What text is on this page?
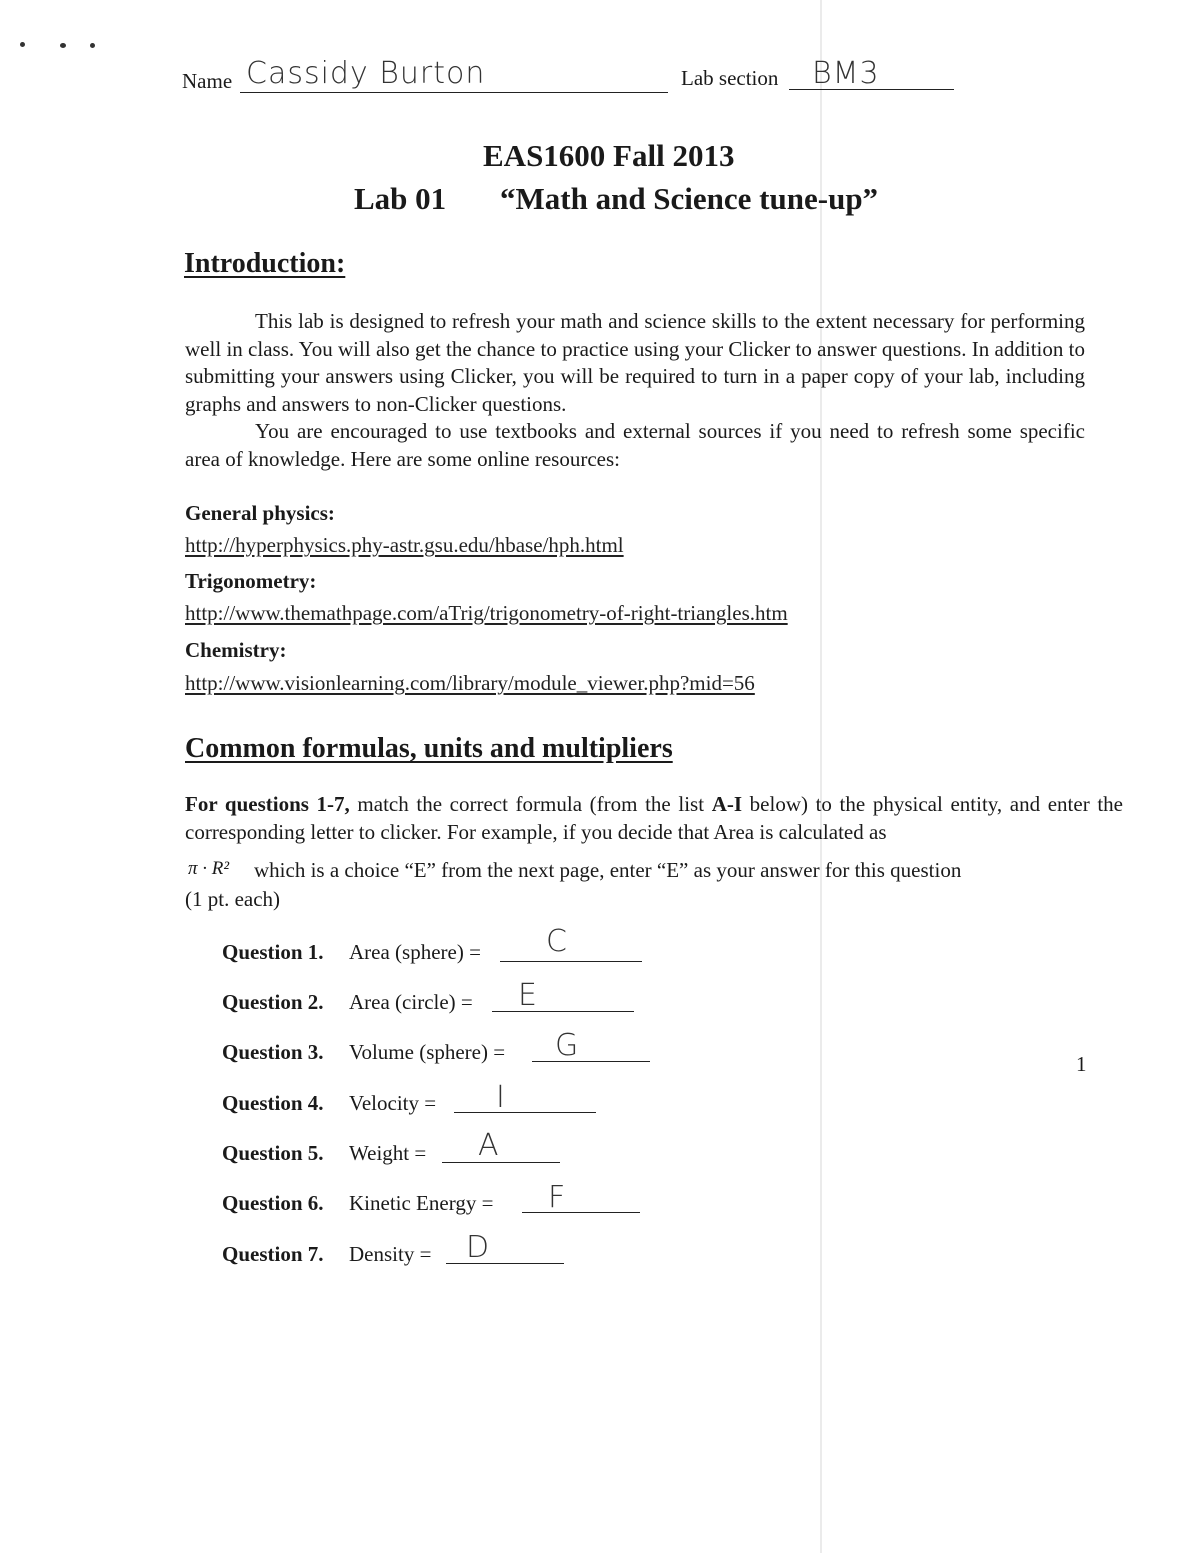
Name Cassidy Burton	Lab section BM3
EAS1600 Fall 2013
Lab 01 “Math and Science tune-up”
Introduction:
This lab is designed to refresh your math and science skills to the extent necessary for performing well in class. You will also get the chance to practice using your Clicker to answer questions. In addition to submitting your answers using Clicker, you will be required to turn in a paper copy of your lab, including graphs and answers to non-Clicker questions.
You are encouraged to use textbooks and external sources if you need to refresh some specific area of knowledge. Here are some online resources:
General physics:
http://hyperphysics.phy-astr.gsu.edu/hbase/hph.html
Trigonometry:
http://www.themathpage.com/aTrig/trigonometry-of-right-triangles.htm
Chemistry:
http://www.visionlearning.com/library/module_viewer.php?mid=56
Common formulas, units and multipliers
For questions 1-7, match the correct formula (from the list A-I below) to the physical entity, and enter the corresponding letter to clicker. For example, if you decide that Area is calculated as
π · R² which is a choice “E” from the next page, enter “E” as your answer for this question
(1 pt. each)
Question 1. Area (sphere) = C
Question 2. Area (circle) = E
Question 3. Volume (sphere) = G
Question 4. Velocity = I
Question 5. Weight = A
Question 6. Kinetic Energy = F
Question 7. Density = D
1
